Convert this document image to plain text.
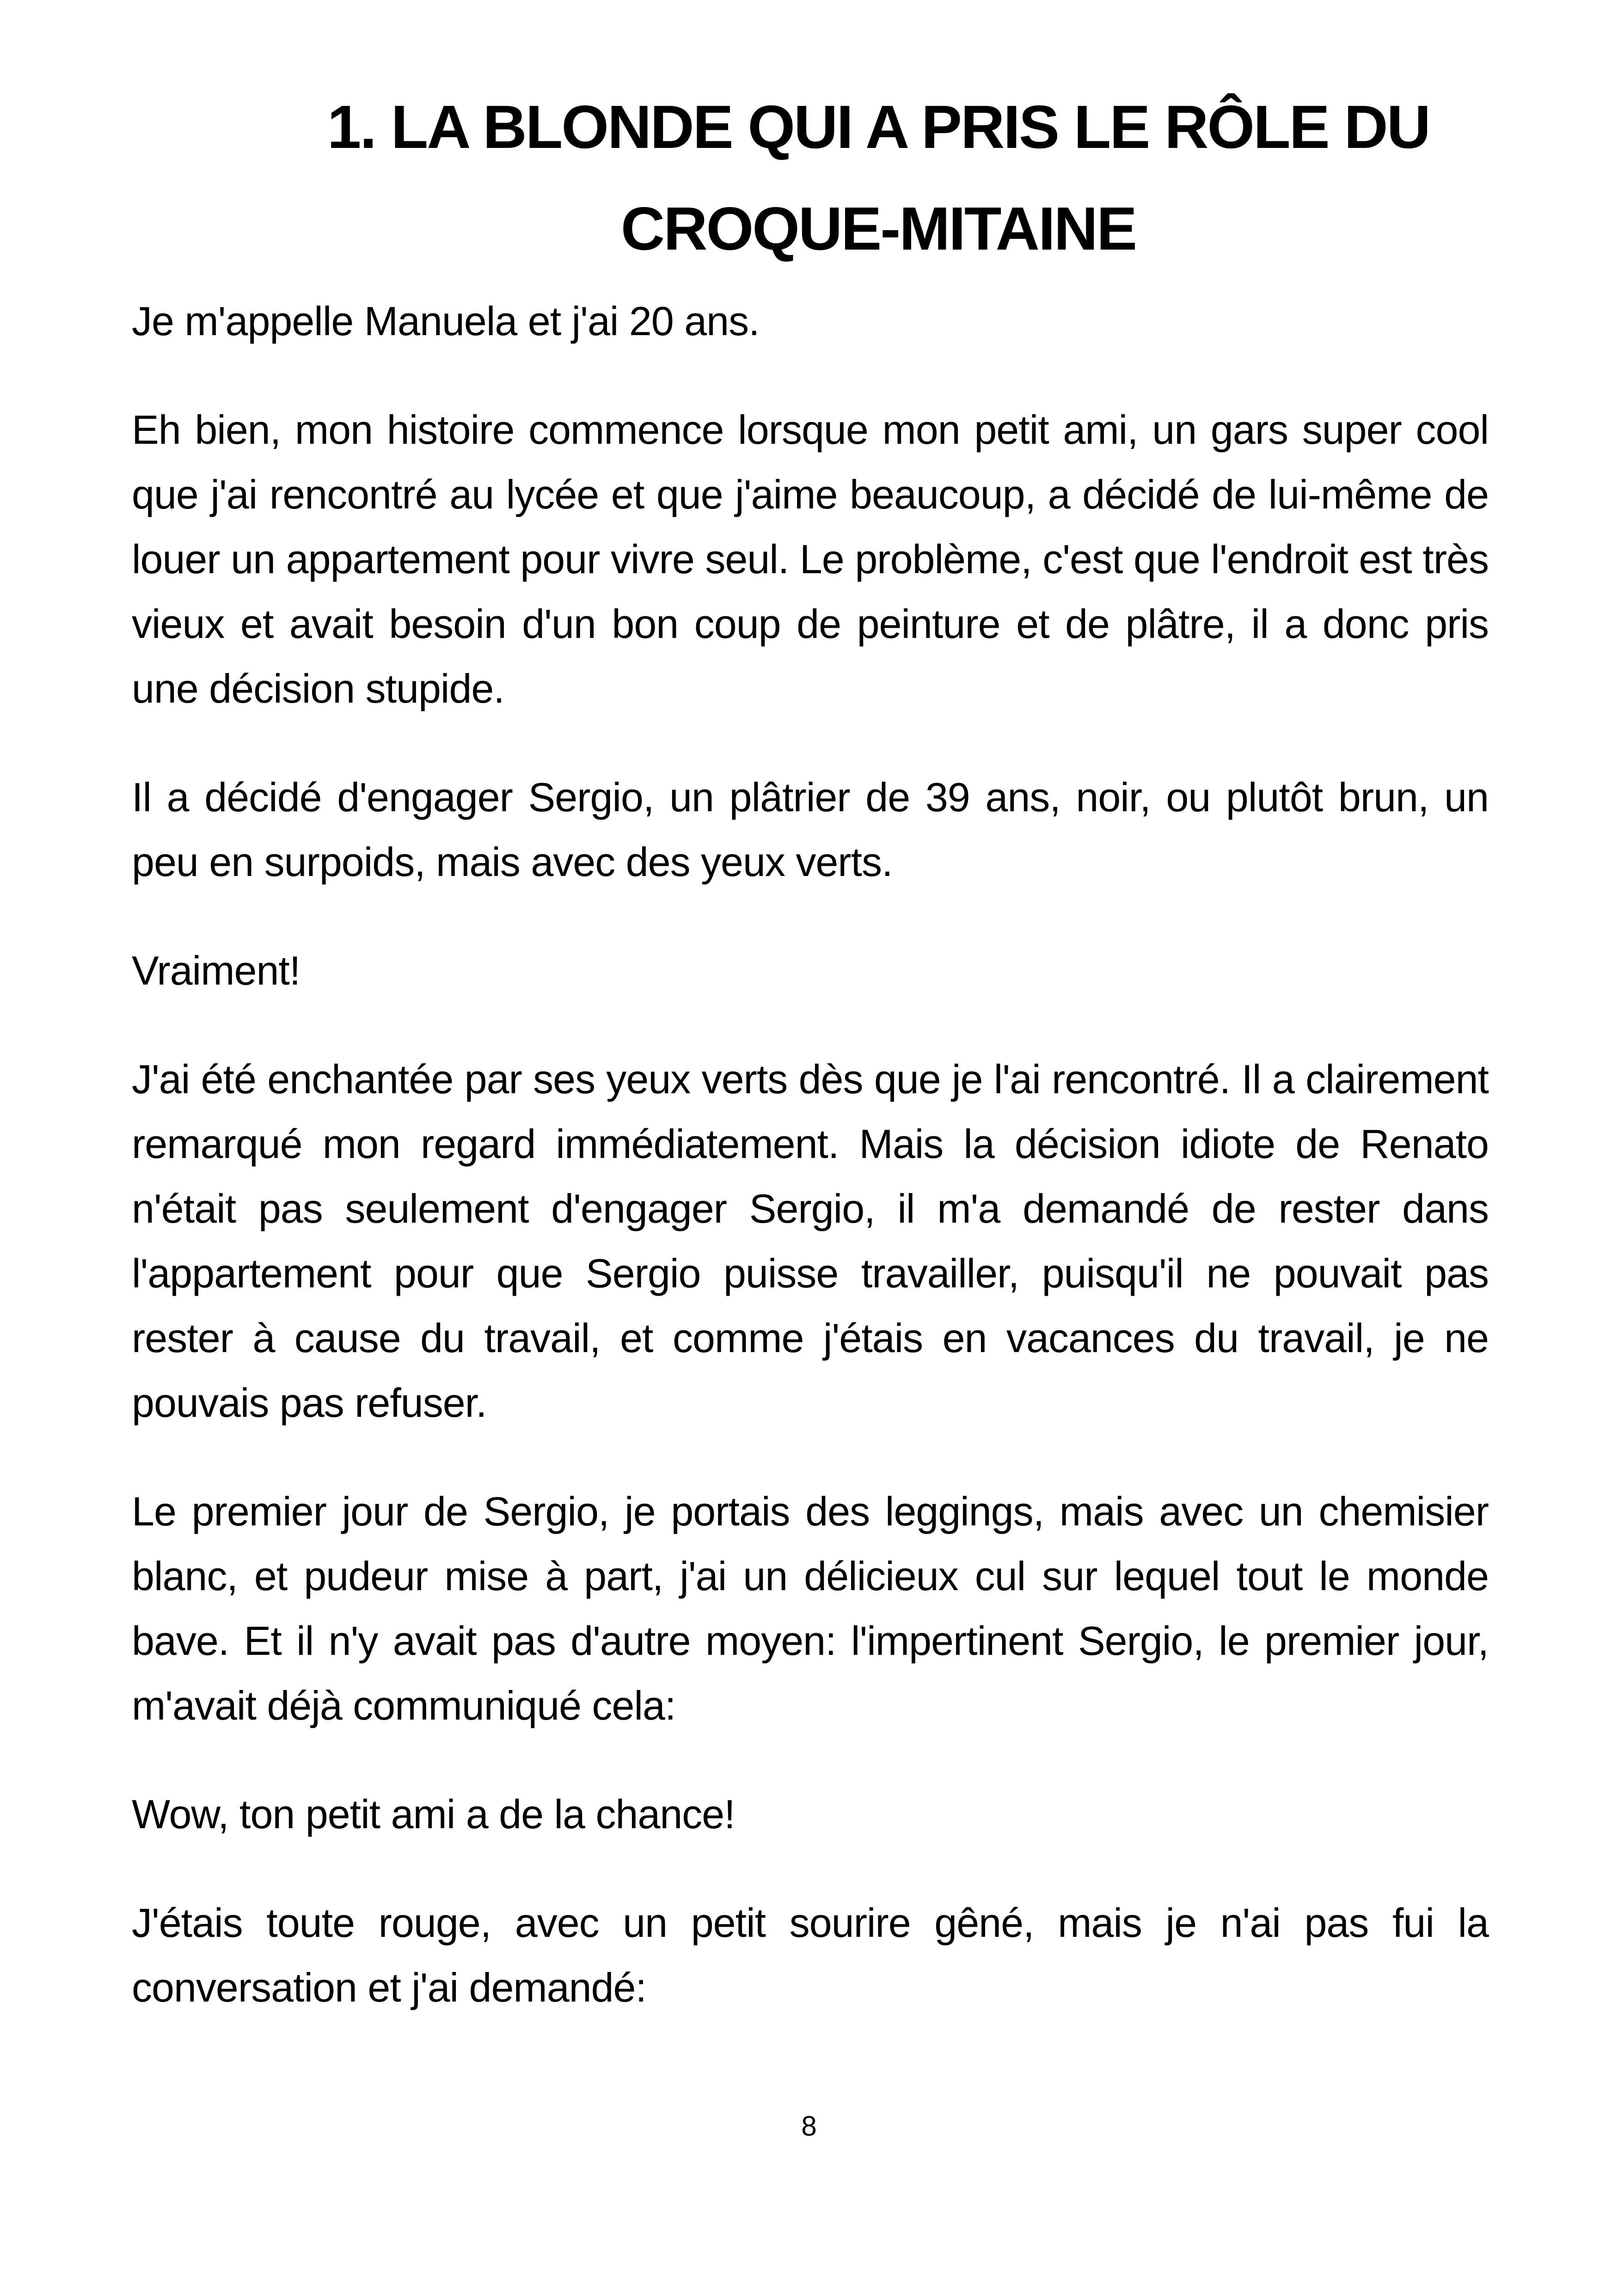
1. LA BLONDE QUI A PRIS LE RÔLE DU CROQUE-MITAINE

Je m'appelle Manuela et j'ai 20 ans.

Eh bien, mon histoire commence lorsque mon petit ami, un gars super cool que j'ai rencontré au lycée et que j'aime beaucoup, a décidé de lui-même de louer un appartement pour vivre seul. Le problème, c'est que l'endroit est très vieux et avait besoin d'un bon coup de peinture et de plâtre, il a donc pris une décision stupide.

Il a décidé d'engager Sergio, un plâtrier de 39 ans, noir, ou plutôt brun, un peu en surpoids, mais avec des yeux verts.

Vraiment!

J'ai été enchantée par ses yeux verts dès que je l'ai rencontré. Il a clairement remarqué mon regard immédiatement. Mais la décision idiote de Renato n'était pas seulement d'engager Sergio, il m'a demandé de rester dans l'appartement pour que Sergio puisse travailler, puisqu'il ne pouvait pas rester à cause du travail, et comme j'étais en vacances du travail, je ne pouvais pas refuser.

Le premier jour de Sergio, je portais des leggings, mais avec un chemisier blanc, et pudeur mise à part, j'ai un délicieux cul sur lequel tout le monde bave. Et il n'y avait pas d'autre moyen: l'impertinent Sergio, le premier jour, m'avait déjà communiqué cela:

Wow, ton petit ami a de la chance!

J'étais toute rouge, avec un petit sourire gêné, mais je n'ai pas fui la conversation et j'ai demandé:

8
